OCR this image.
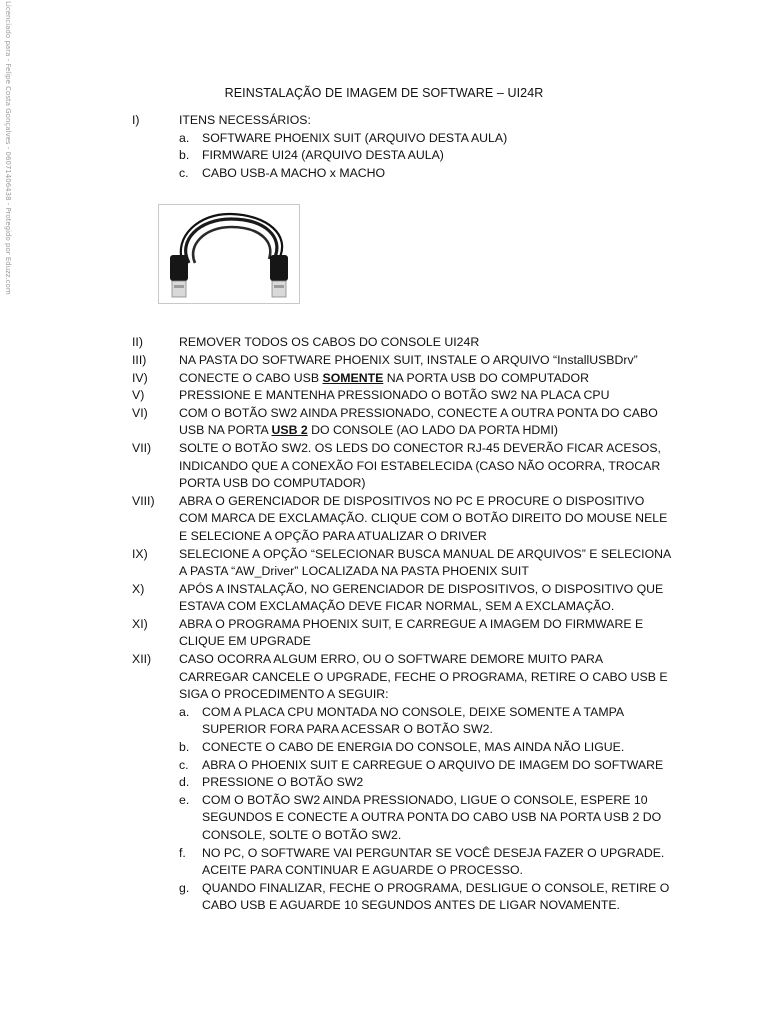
Licenciado para - Felipe Costa Gonçalves - 06071406438 - Protegido por Eduzz.com	REINSTALAÇÃO DE IMAGEM DE SOFTWARE – UI24R
I)	ITENS NECESSÁRIOS:
a.	SOFTWARE PHOENIX SUIT (ARQUIVO DESTA AULA)
b.	FIRMWARE UI24 (ARQUIVO DESTA AULA)
c.	CABO USB-A MACHO x MACHO
II)	REMOVER TODOS OS CABOS DO CONSOLE UI24R
III)	NA PASTA DO SOFTWARE PHOENIX SUIT, INSTALE O ARQUIVO “InstallUSBDrv”
IV)	CONECTE O CABO USB SOMENTE NA PORTA USB DO COMPUTADOR
V)	PRESSIONE E MANTENHA PRESSIONADO O BOTÃO SW2 NA PLACA CPU
VI)	COM O BOTÃO SW2 AINDA PRESSIONADO, CONECTE A OUTRA PONTA DO CABO USB NA PORTA USB 2 DO CONSOLE (AO LADO DA PORTA HDMI)
VII)	SOLTE O BOTÃO SW2. OS LEDS DO CONECTOR RJ-45 DEVERÃO FICAR ACESOS, INDICANDO QUE A CONEXÃO FOI ESTABELECIDA (CASO NÃO OCORRA, TROCAR PORTA USB DO COMPUTADOR)
VIII)	ABRA O GERENCIADOR DE DISPOSITIVOS NO PC E PROCURE O DISPOSITIVO COM MARCA DE EXCLAMAÇÃO. CLIQUE COM O BOTÃO DIREITO DO MOUSE NELE E SELECIONE A OPÇÃO PARA ATUALIZAR O DRIVER
IX)	SELECIONE A OPÇÃO “SELECIONAR BUSCA MANUAL DE ARQUIVOS” E SELECIONA A PASTA “AW_Driver” LOCALIZADA NA PASTA PHOENIX SUIT
X)	APÓS A INSTALAÇÃO, NO GERENCIADOR DE DISPOSITIVOS, O DISPOSITIVO QUE ESTAVA COM EXCLAMAÇÃO DEVE FICAR NORMAL, SEM A EXCLAMAÇÃO.
XI)	ABRA O PROGRAMA PHOENIX SUIT, E CARREGUE A IMAGEM DO FIRMWARE E CLIQUE EM UPGRADE
XII)	CASO OCORRA ALGUM ERRO, OU O SOFTWARE DEMORE MUITO PARA CARREGAR CANCELE O UPGRADE, FECHE O PROGRAMA, RETIRE O CABO USB E SIGA O PROCEDIMENTO A SEGUIR:
a.	COM A PLACA CPU MONTADA NO CONSOLE, DEIXE SOMENTE A TAMPA SUPERIOR FORA PARA ACESSAR O BOTÃO SW2.
b.	CONECTE O CABO DE ENERGIA DO CONSOLE, MAS AINDA NÃO LIGUE.
c.	ABRA O PHOENIX SUIT E CARREGUE O ARQUIVO DE IMAGEM DO SOFTWARE
d.	PRESSIONE O BOTÃO SW2
e.	COM O BOTÃO SW2 AINDA PRESSIONADO, LIGUE O CONSOLE, ESPERE 10 SEGUNDOS E CONECTE A OUTRA PONTA DO CABO USB NA PORTA USB 2 DO CONSOLE, SOLTE O BOTÃO SW2.
f.	NO PC, O SOFTWARE VAI PERGUNTAR SE VOCÊ DESEJA FAZER O UPGRADE. ACEITE PARA CONTINUAR E AGUARDE O PROCESSO.
g.	QUANDO FINALIZAR, FECHE O PROGRAMA, DESLIGUE O CONSOLE, RETIRE O CABO USB E AGUARDE 10 SEGUNDOS ANTES DE LIGAR NOVAMENTE.
